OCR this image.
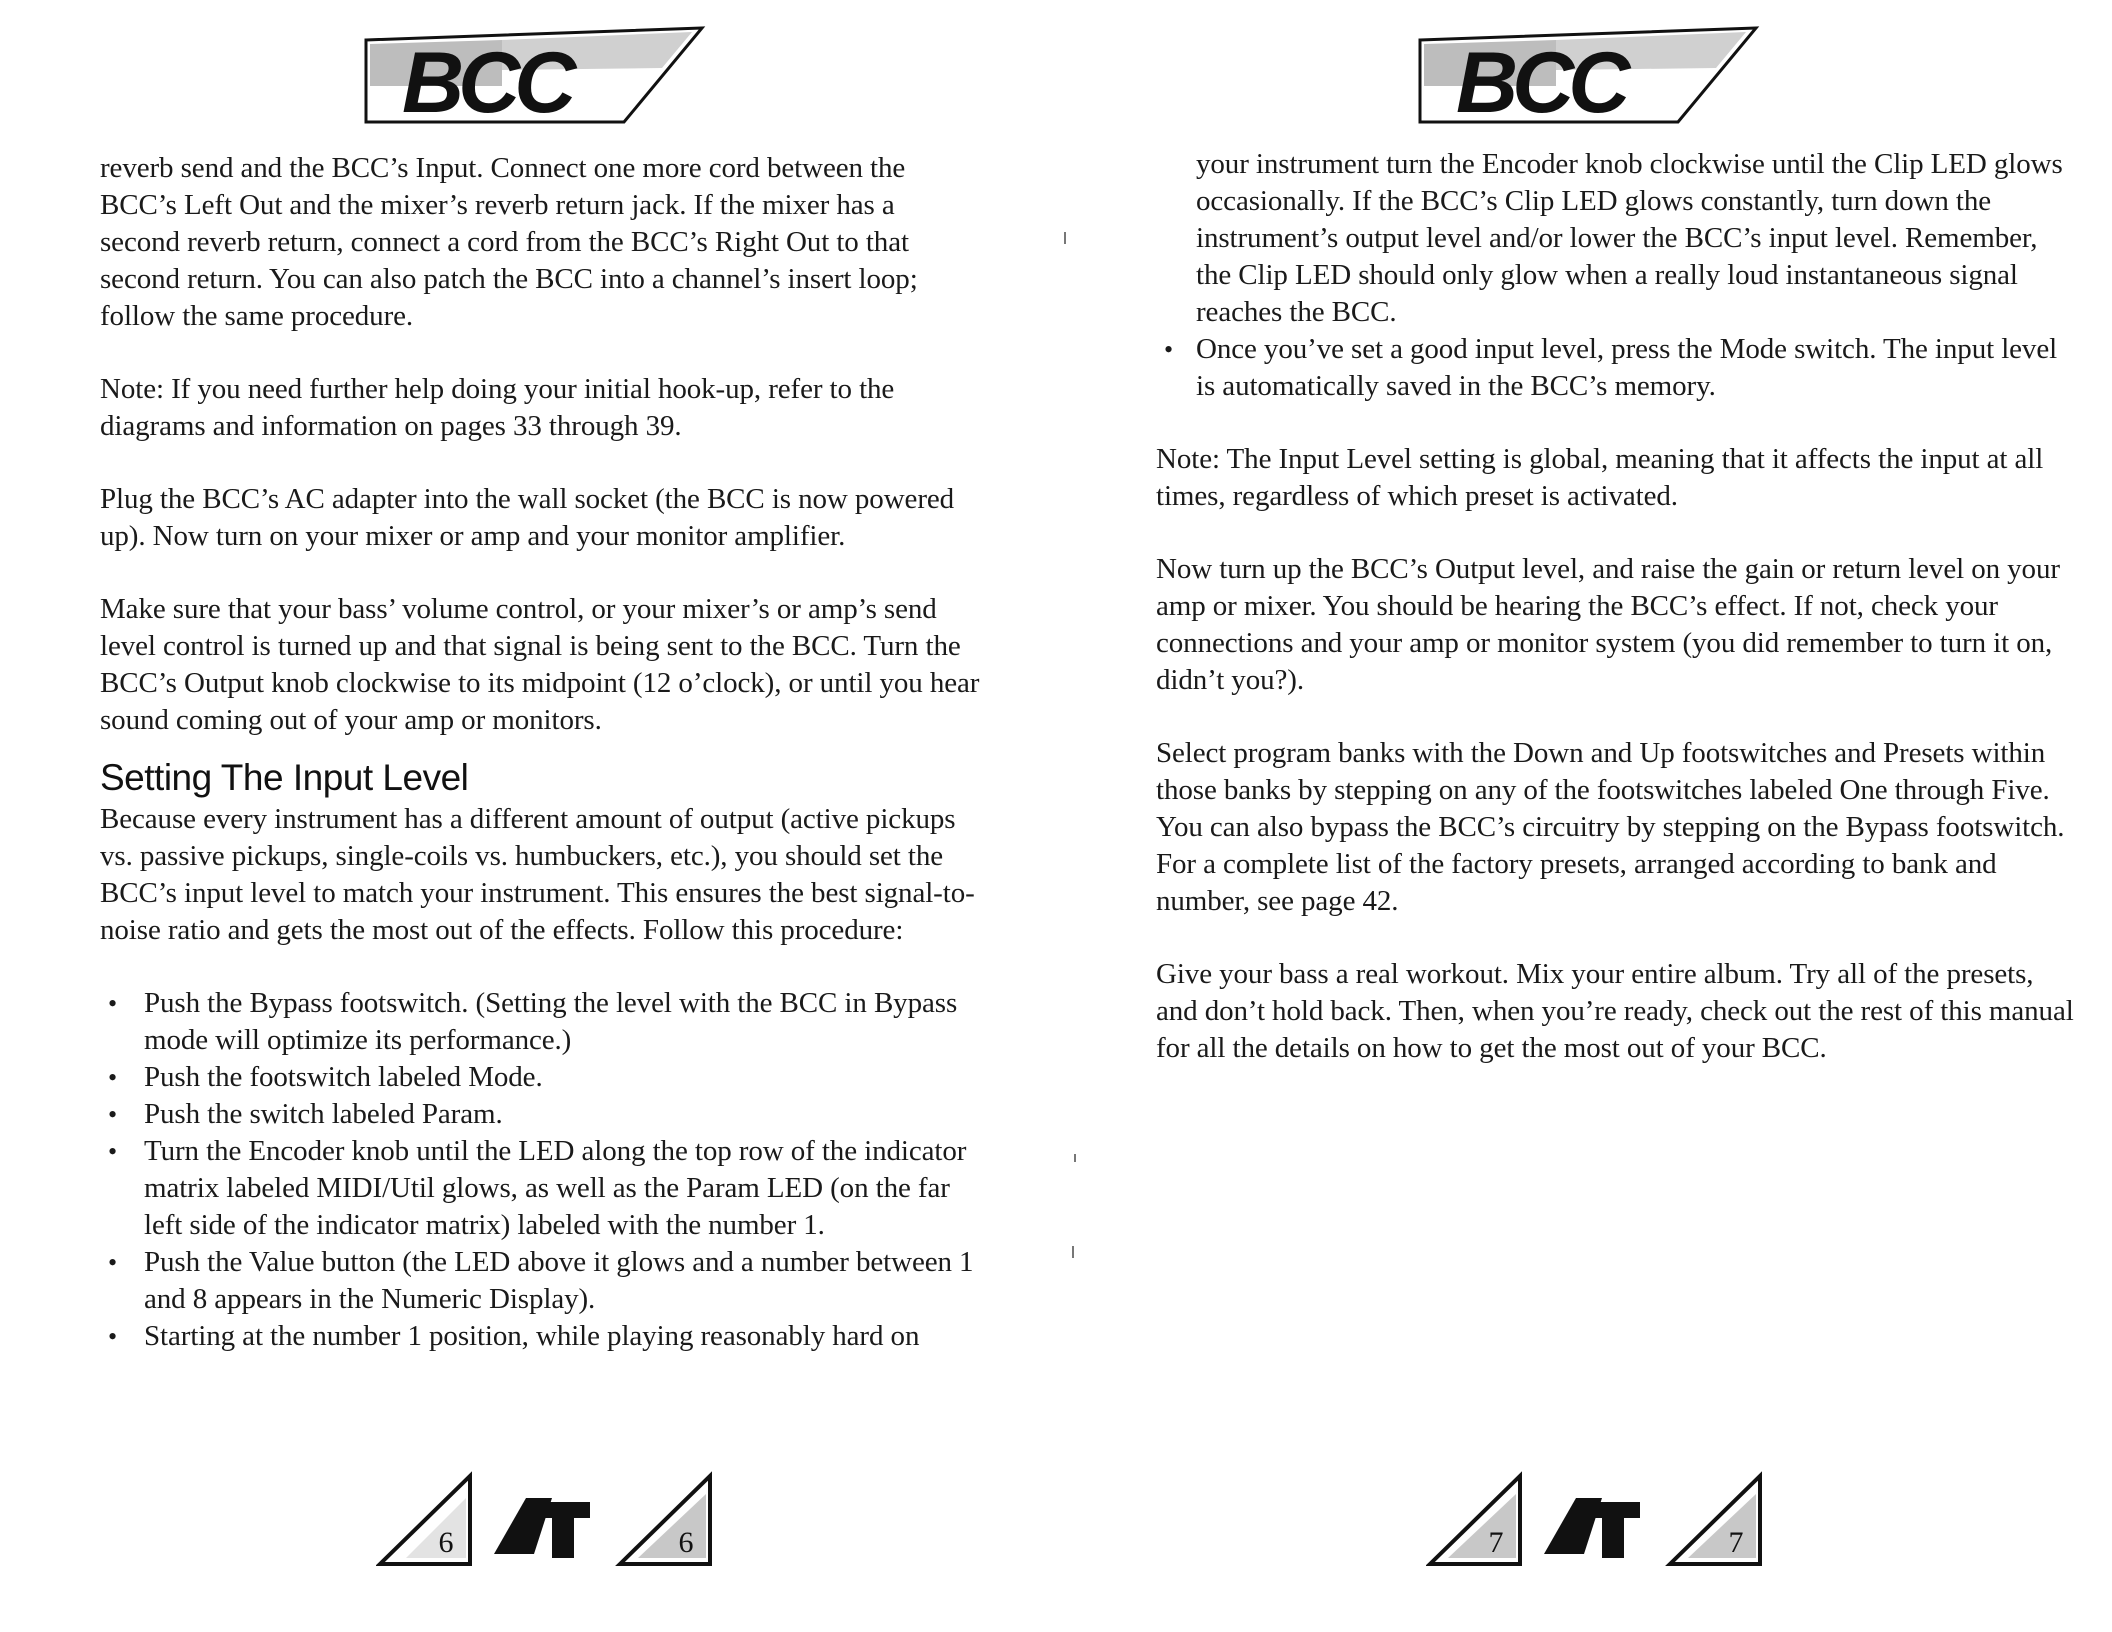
BCC

reverb send and the BCC’s Input. Connect one more cord between the BCC’s Left Out and the mixer’s reverb return jack. If the mixer has a second reverb return, connect a cord from the BCC’s Right Out to that second return. You can also patch the BCC into a channel’s insert loop; follow the same procedure.

Note: If you need further help doing your initial hook-up, refer to the diagrams and information on pages 33 through 39.

Plug the BCC’s AC adapter into the wall socket (the BCC is now powered up). Now turn on your mixer or amp and your monitor amplifier.

Make sure that your bass’ volume control, or your mixer’s or amp’s send level control is turned up and that signal is being sent to the BCC. Turn the BCC’s Output knob clockwise to its midpoint (12 o’clock), or until you hear sound coming out of your amp or monitors.

Setting The Input Level

Because every instrument has a different amount of output (active pickups vs. passive pickups, single-coils vs. humbuckers, etc.), you should set the BCC’s input level to match your instrument. This ensures the best signal-to-noise ratio and gets the most out of the effects. Follow this procedure:

• Push the Bypass footswitch. (Setting the level with the BCC in Bypass mode will optimize its performance.)
• Push the footswitch labeled Mode.
• Push the switch labeled Param.
• Turn the Encoder knob until the LED along the top row of the indicator matrix labeled MIDI/Util glows, as well as the Param LED (on the far left side of the indicator matrix) labeled with the number 1.
• Push the Value button (the LED above it glows and a number between 1 and 8 appears in the Numeric Display).
• Starting at the number 1 position, while playing reasonably hard on
6	6
BCC
your instrument turn the Encoder knob clockwise until the Clip LED glows occasionally. If the BCC’s Clip LED glows constantly, turn down the instrument’s output level and/or lower the BCC’s input level. Remember, the Clip LED should only glow when a really loud instantaneous signal reaches the BCC.
• Once you’ve set a good input level, press the Mode switch. The input level is automatically saved in the BCC’s memory.

Note: The Input Level setting is global, meaning that it affects the input at all times, regardless of which preset is activated.

Now turn up the BCC’s Output level, and raise the gain or return level on your amp or mixer. You should be hearing the BCC’s effect. If not, check your connections and your amp or monitor system (you did remember to turn it on, didn’t you?).

Select program banks with the Down and Up footswitches and Presets within those banks by stepping on any of the footswitches labeled One through Five. You can also bypass the BCC’s circuitry by stepping on the Bypass footswitch. For a complete list of the factory presets, arranged according to bank and number, see page 42.

Give your bass a real workout. Mix your entire album. Try all of the presets, and don’t hold back. Then, when you’re ready, check out the rest of this manual for all the details on how to get the most out of your BCC.

7	7
